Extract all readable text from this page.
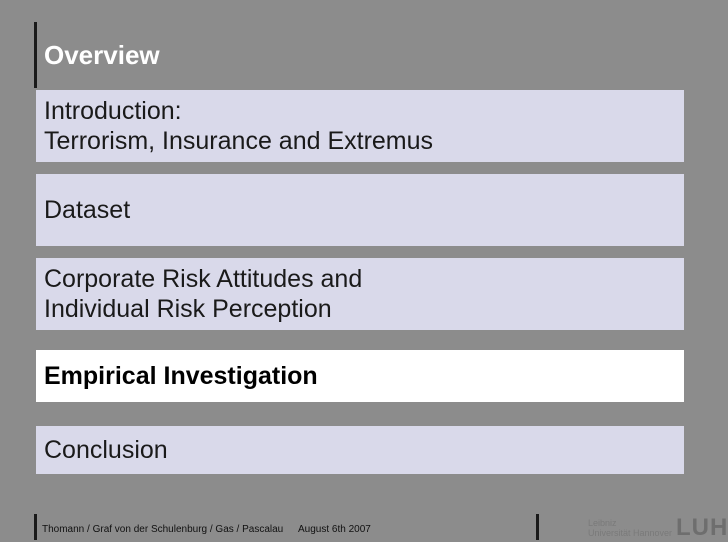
Overview
Introduction:
Terrorism, Insurance and Extremus
Dataset
Corporate Risk Attitudes and
Individual Risk Perception
Empirical Investigation
Conclusion
Thomann / Graf von der Schulenburg / Gas / Pascalau August 6th 2007
Leibniz
Universität Hannover LUH
